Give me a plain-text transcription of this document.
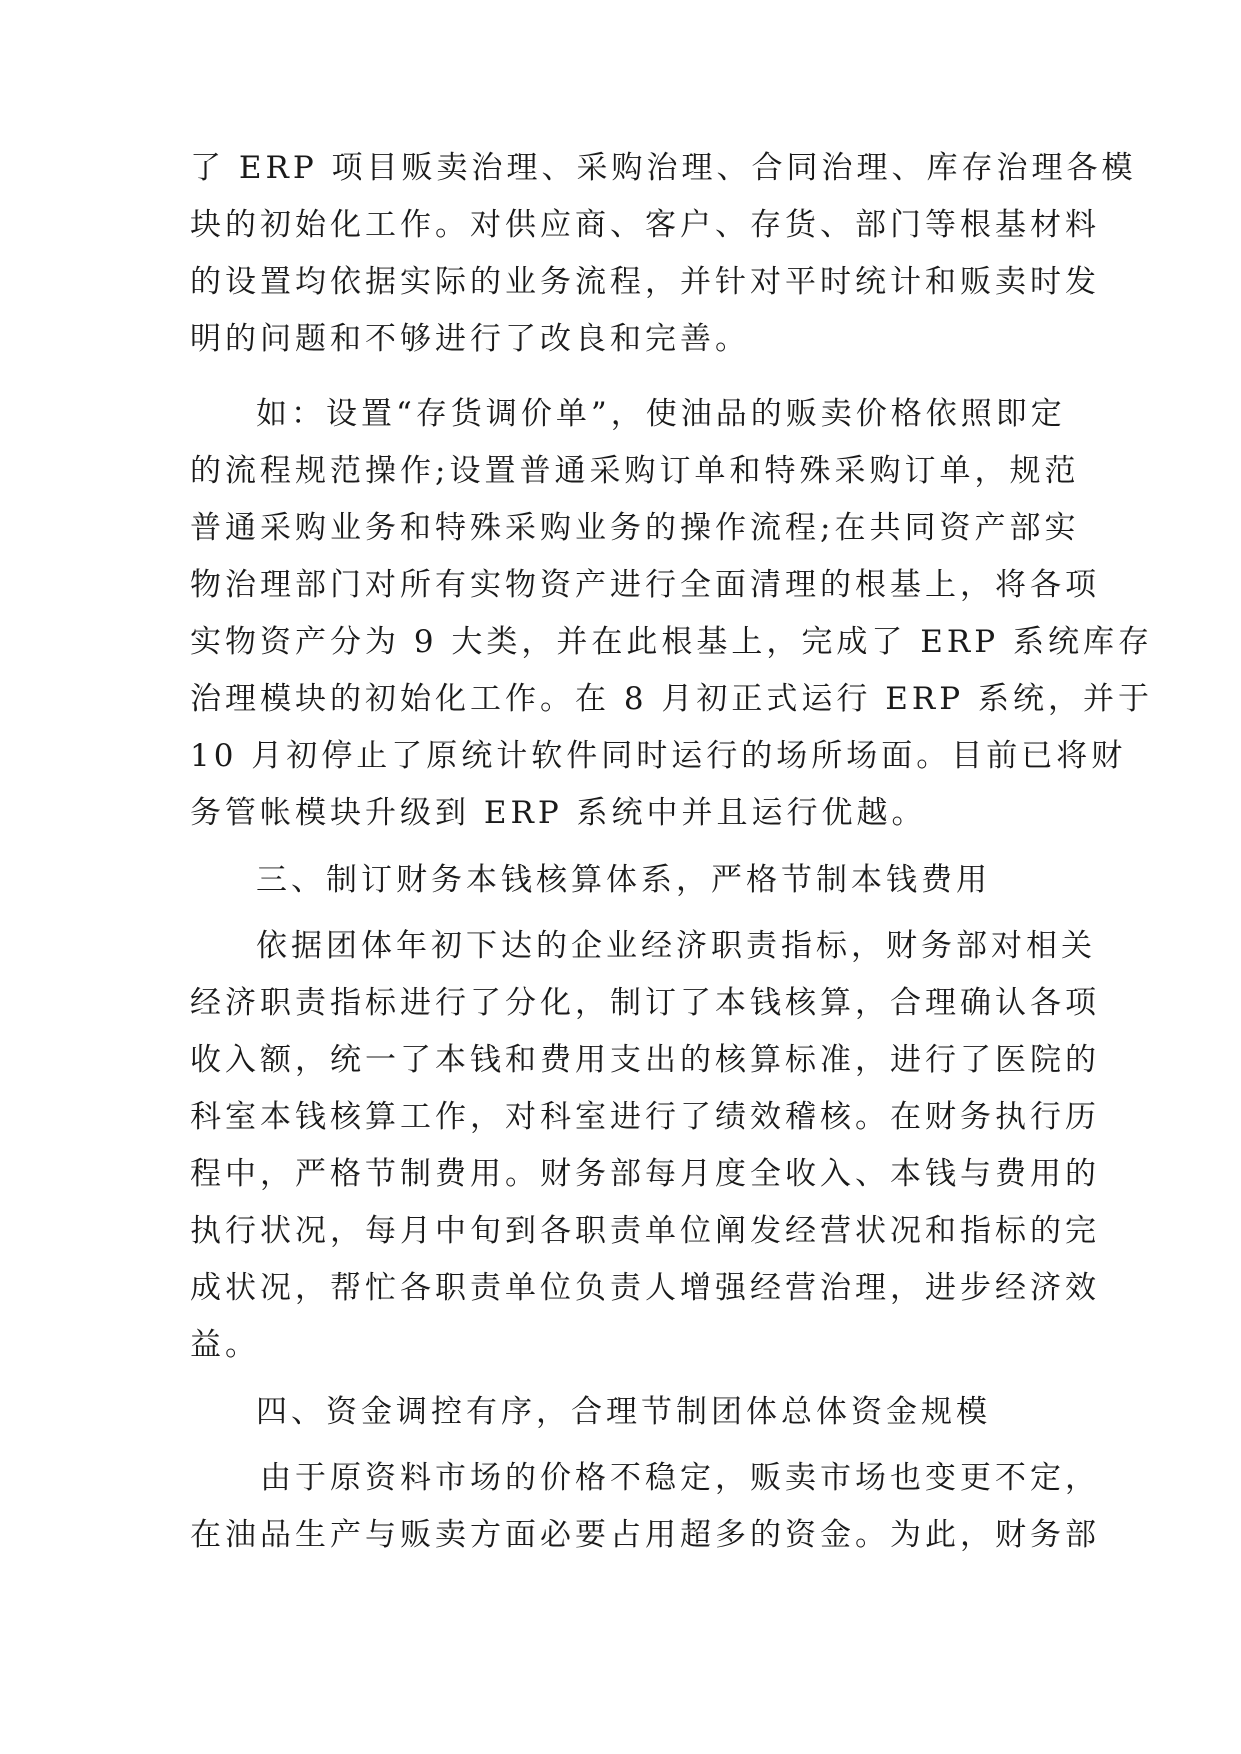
了 ERP 项目贩卖治理、采购治理、合同治理、库存治理各模
块的初始化工作。对供应商、客户、存货、部门等根基材料
的设置均依据实际的业务流程，并针对平时统计和贩卖时发
明的问题和不够进行了改良和完善。
如：设置“存货调价单”，使油品的贩卖价格依照即定
的流程规范操作;设置普通采购订单和特殊采购订单，规范
普通采购业务和特殊采购业务的操作流程;在共同资产部实
物治理部门对所有实物资产进行全面清理的根基上，将各项
实物资产分为 9 大类，并在此根基上，完成了 ERP 系统库存
治理模块的初始化工作。在 8 月初正式运行 ERP 系统，并于
10 月初停止了原统计软件同时运行的场所场面。目前已将财
务管帐模块升级到 ERP 系统中并且运行优越。
三、制订财务本钱核算体系，严格节制本钱费用
依据团体年初下达的企业经济职责指标，财务部对相关
经济职责指标进行了分化，制订了本钱核算，合理确认各项
收入额，统一了本钱和费用支出的核算标准，进行了医院的
科室本钱核算工作，对科室进行了绩效稽核。在财务执行历
程中，严格节制费用。财务部每月度全收入、本钱与费用的
执行状况，每月中旬到各职责单位阐发经营状况和指标的完
成状况，帮忙各职责单位负责人增强经营治理，进步经济效
益。
四、资金调控有序，合理节制团体总体资金规模
由于原资料市场的价格不稳定，贩卖市场也变更不定，
在油品生产与贩卖方面必要占用超多的资金。为此，财务部
